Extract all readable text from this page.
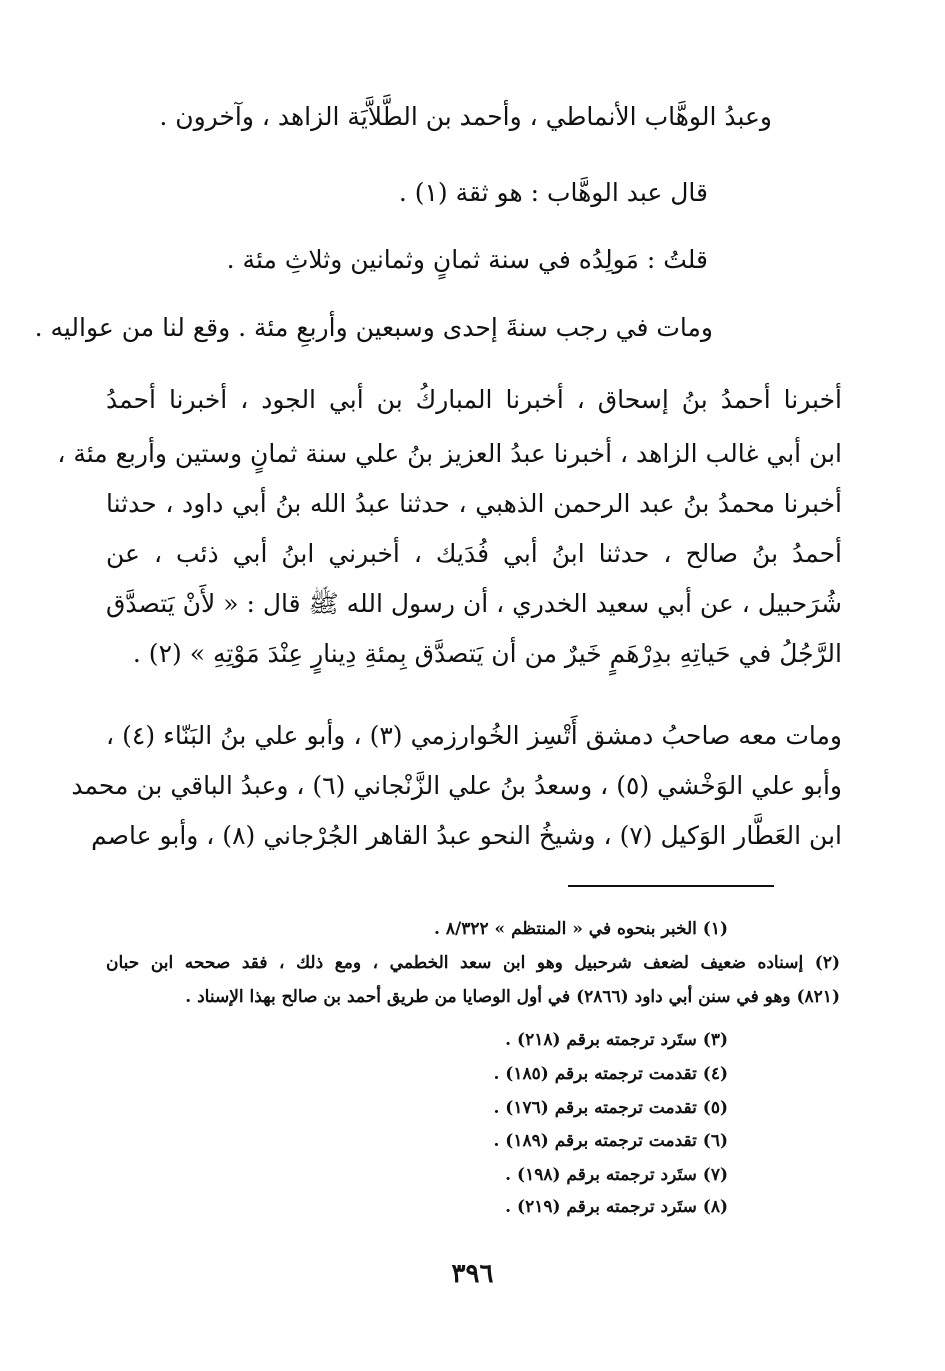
وعبدُ الوهَّاب الأنماطي ، وأحمد بن الطَّلاَّيَة الزاهد ، وآخرون .

قال عبد الوهَّاب : هو ثقة (١) .

قلتُ : مَولِدُه في سنة ثمانٍ وثمانين وثلاثِ مئة .

ومات في رجب سنةَ إحدى وسبعين وأربعِ مئة . وقع لنا من عواليه .

أخبرنا أحمدُ بنُ إسحاق ، أخبرنا المباركُ بن أبي الجود ، أخبرنا أحمدُ

ابن أبي غالب الزاهد ، أخبرنا عبدُ العزيز بنُ علي سنة ثمانٍ وستين وأربع مئة ،

أخبرنا محمدُ بنُ عبد الرحمن الذهبي ، حدثنا عبدُ الله بنُ أبي داود ، حدثنا

أحمدُ بنُ صالح ، حدثنا ابنُ أبي فُدَيك ، أخبرني ابنُ أبي ذئب ، عن

شُرَحبيل ، عن أبي سعيد الخدري ، أن رسول الله ﷺ قال : « لأَنْ يَتصدَّق

الرَّجُلُ في حَياتِهِ بدِرْهَمٍ خَيرٌ من أن يَتصدَّق بِمئةِ دِينارٍ عِنْدَ مَوْتِهِ » (٢) .

ومات معه صاحبُ دمشق أَتْسِز الخُوارزمي (٣) ، وأبو علي بنُ البَنّاء (٤) ،

وأبو علي الوَخْشي (٥) ، وسعدُ بنُ علي الزَّنْجاني (٦) ، وعبدُ الباقي بن محمد

ابن العَطَّار الوَكيل (٧) ، وشيخُ النحو عبدُ القاهر الجُرْجاني (٨) ، وأبو عاصم

(١) الخبر بنحوه في « المنتظم » ٨/٣٢٢ .

(٢) إسناده ضعيف لضعف شرحبيل وهو ابن سعد الخطمي ، ومع ذلك ، فقد صححه ابن حبان

(٨٢١) وهو في سنن أبي داود (٢٨٦٦) في أول الوصايا من طريق أحمد بن صالح بهذا الإسناد .

(٣) ستَرد ترجمته برقم (٢١٨) .

(٤) تقدمت ترجمته برقم (١٨٥) .

(٥) تقدمت ترجمته برقم (١٧٦) .

(٦) تقدمت ترجمته برقم (١٨٩) .

(٧) ستَرد ترجمته برقم (١٩٨) .

(٨) ستَرد ترجمته برقم (٢١٩) .

٣٩٦
